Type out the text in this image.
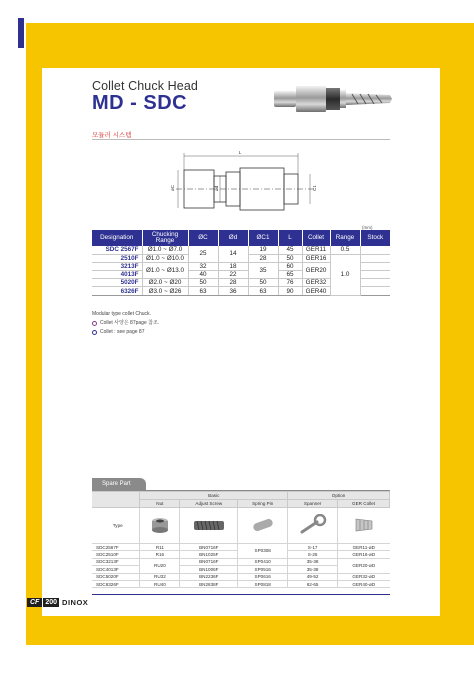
Collet Chuck Head
MD - SDC
모듈러 시스템
L
øC	ød	C1
(mm)
Designation	Chucking Range	ØC	Ød	ØC1	L	Collet	Range	Stock
SDC 2567F	Ø1.0 ~ Ø7.0	25	14	19	45	GER11	0.5	
2510F	Ø1.0 ~ Ø10.0			28	50	GER16	1.0	
3213F	Ø1.0 ~ Ø13.0	32	18	35	60	GER20		
4013F		40	22		65			
5020F	Ø2.0 ~ Ø20	50	28	50	76	GER32		
6326F	Ø3.0 ~ Ø26	63	36	63	90	GER40		
Modular type collet Chuck.
Collet 사양은 87page 참조.
Collet : see page 87
Spare Part
	Basic			Option	
	Nut	Adjust Screw	Spring Pin	Spanner	GER Collet
Type					
SDC2567F	R11	BN0716F	SP0308	S-17	GER11-øD
SDC2510F	R16	BN1025F		S-25	GER16-øD
SDC3213F	RU20	BN0716F	SP0410	35-38	GER20-øD
SDC4013F		BN1006F	SP0516	35-38	
SDC5020F	RU32	BN2236F	SP0616	49-52	GER32-øD
SDC6326F	RU40	BN2838F	SP0818	62-65	GER40-øD
CF 200 DINOX
